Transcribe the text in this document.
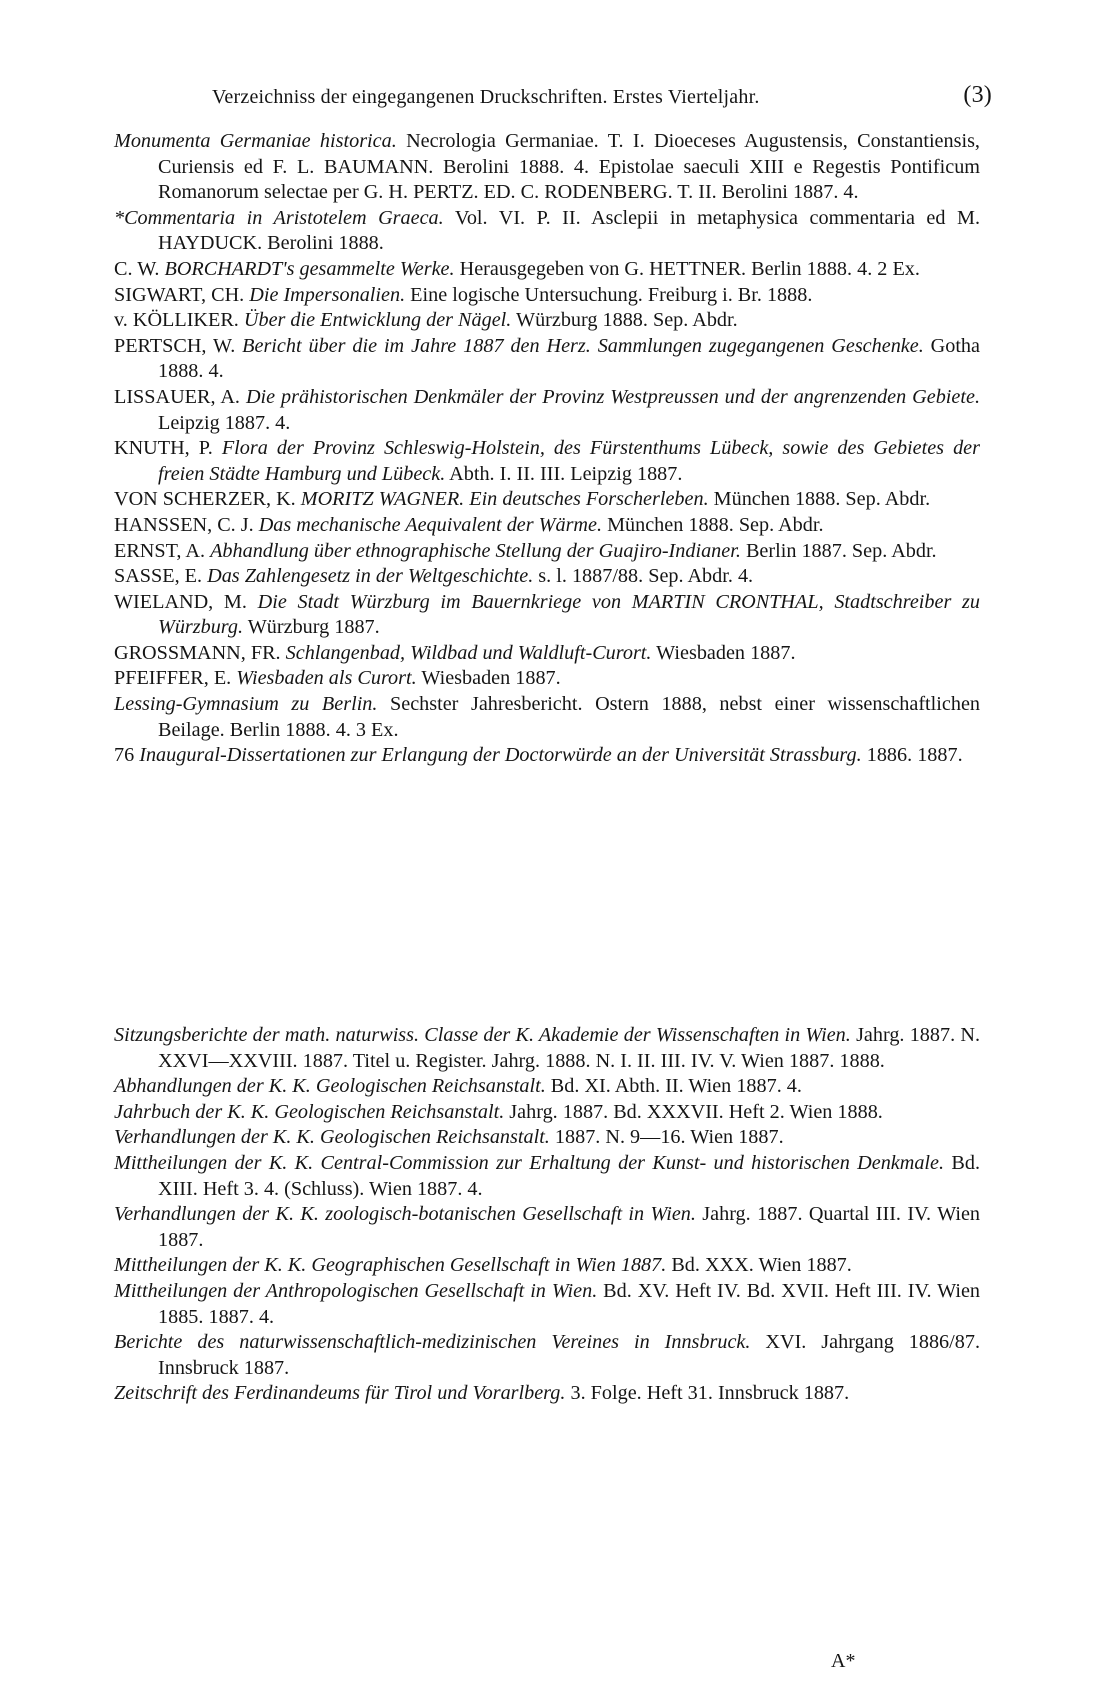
Verzeichniss der eingegangenen Druckschriften. Erstes Vierteljahr.	(3)
Monumenta Germaniae historica. Necrologia Germaniae. T. I. Dioeceses Augustensis, Constantiensis, Curiensis ed F. L. BAUMANN. Berolini 1888. 4. Epistolae saeculi XIII e Regestis Pontificum Romanorum selectae per G. H. PERTZ. ED. C. RODENBERG. T. II. Berolini 1887. 4.
*Commentaria in Aristotelem Graeca. Vol. VI. P. II. Asclepii in metaphysica commentaria ed M. HAYDUCK. Berolini 1888.
C. W. BORCHARDT's gesammelte Werke. Herausgegeben von G. HETTNER. Berlin 1888. 4. 2 Ex.
SIGWART, CH. Die Impersonalien. Eine logische Untersuchung. Freiburg i. Br. 1888.
v. KÖLLIKER. Über die Entwicklung der Nägel. Würzburg 1888. Sep. Abdr.
PERTSCH, W. Bericht über die im Jahre 1887 den Herz. Sammlungen zugegangenen Geschenke. Gotha 1888. 4.
LISSAUER, A. Die prähistorischen Denkmäler der Provinz Westpreussen und der angrenzenden Gebiete. Leipzig 1887. 4.
KNUTH, P. Flora der Provinz Schleswig-Holstein, des Fürstenthums Lübeck, sowie des Gebietes der freien Städte Hamburg und Lübeck. Abth. I. II. III. Leipzig 1887.
VON SCHERZER, K. MORITZ WAGNER. Ein deutsches Forscherleben. München 1888. Sep. Abdr.
HANSSEN, C. J. Das mechanische Aequivalent der Wärme. München 1888. Sep. Abdr.
ERNST, A. Abhandlung über ethnographische Stellung der Guajiro-Indianer. Berlin 1887. Sep. Abdr.
SASSE, E. Das Zahlengesetz in der Weltgeschichte. s. l. 1887/88. Sep. Abdr. 4.
WIELAND, M. Die Stadt Würzburg im Bauernkriege von MARTIN CRONTHAL, Stadtschreiber zu Würzburg. Würzburg 1887.
GROSSMANN, FR. Schlangenbad, Wildbad und Waldluft-Curort. Wiesbaden 1887.
PFEIFFER, E. Wiesbaden als Curort. Wiesbaden 1887.
Lessing-Gymnasium zu Berlin. Sechster Jahresbericht. Ostern 1888, nebst einer wissenschaftlichen Beilage. Berlin 1888. 4. 3 Ex.
76 Inaugural-Dissertationen zur Erlangung der Doctorwürde an der Universität Strassburg. 1886. 1887.
Sitzungsberichte der math. naturwiss. Classe der K. Akademie der Wissenschaften in Wien. Jahrg. 1887. N. XXVI—XXVIII. 1887. Titel u. Register. Jahrg. 1888. N. I. II. III. IV. V. Wien 1887. 1888.
Abhandlungen der K. K. Geologischen Reichsanstalt. Bd. XI. Abth. II. Wien 1887. 4.
Jahrbuch der K. K. Geologischen Reichsanstalt. Jahrg. 1887. Bd. XXXVII. Heft 2. Wien 1888.
Verhandlungen der K. K. Geologischen Reichsanstalt. 1887. N. 9—16. Wien 1887.
Mittheilungen der K. K. Central-Commission zur Erhaltung der Kunst- und historischen Denkmale. Bd. XIII. Heft 3. 4. (Schluss). Wien 1887. 4.
Verhandlungen der K. K. zoologisch-botanischen Gesellschaft in Wien. Jahrg. 1887. Quartal III. IV. Wien 1887.
Mittheilungen der K. K. Geographischen Gesellschaft in Wien 1887. Bd. XXX. Wien 1887.
Mittheilungen der Anthropologischen Gesellschaft in Wien. Bd. XV. Heft IV. Bd. XVII. Heft III. IV. Wien 1885. 1887. 4.
Berichte des naturwissenschaftlich-medizinischen Vereines in Innsbruck. XVI. Jahrgang 1886/87. Innsbruck 1887.
Zeitschrift des Ferdinandeums für Tirol und Vorarlberg. 3. Folge. Heft 31. Innsbruck 1887.
A*
